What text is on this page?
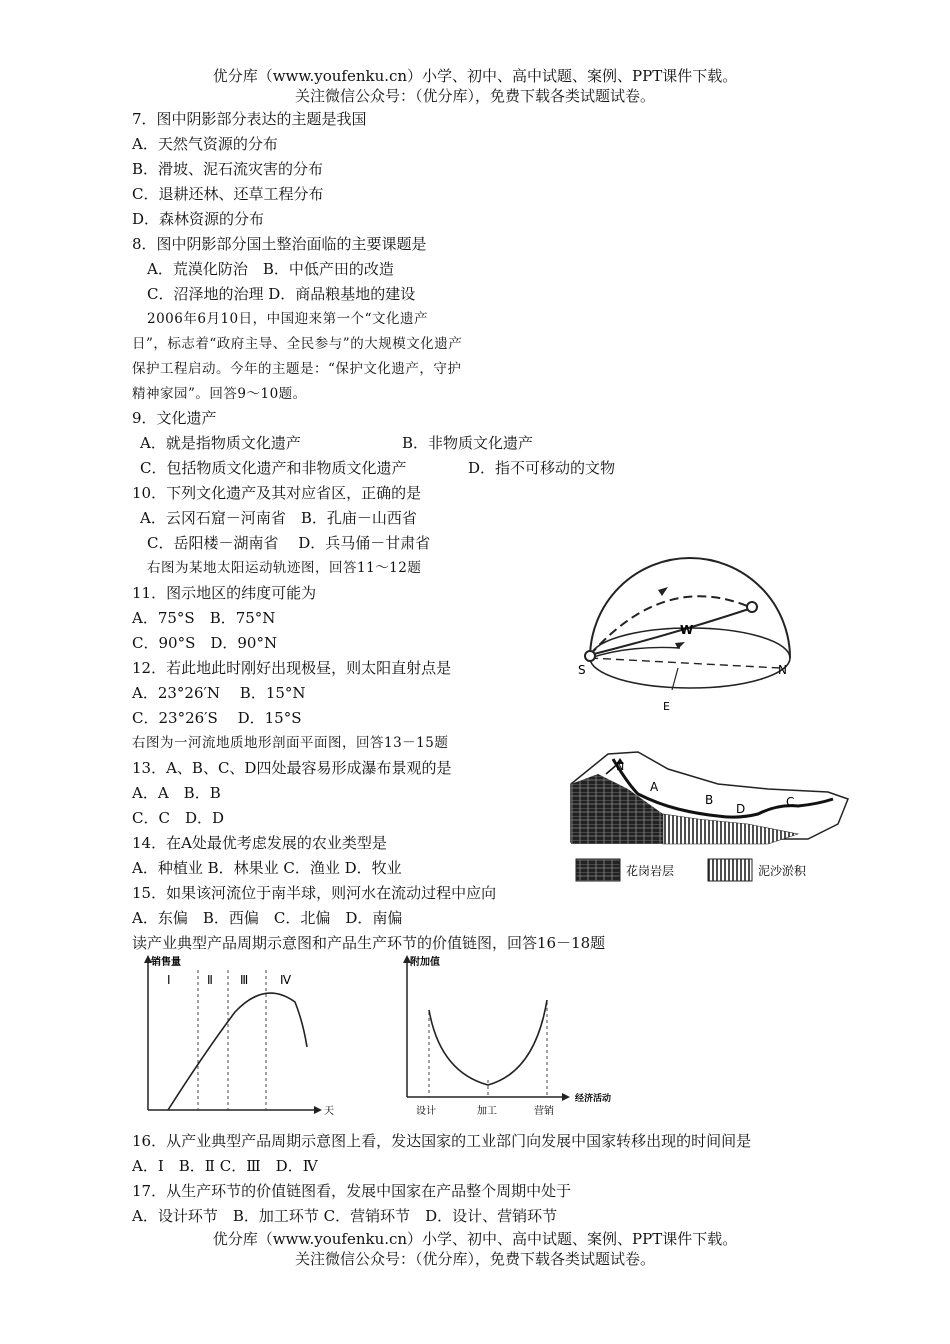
优分库（www.youfenku.cn）小学、初中、高中试题、案例、PPT课件下载。
关注微信公众号：（优分库），免费下载各类试题试卷。
7．图中阴影部分表达的主题是我国
A．天然气资源的分布
B．滑坡、泥石流灾害的分布
C．退耕还林、还草工程分布
D．森林资源的分布
8．图中阴影部分国土整治面临的主要课题是
A．荒漠化防治　B．中低产田的改造
C．沼泽地的治理 D．商品粮基地的建设
2006年6月10日，中国迎来第一个“文化遗产
日”，标志着“政府主导、全民参与”的大规模文化遗产
保护工程启动。今年的主题是：“保护文化遗产，守护
精神家园”。回答9～10题。
9．文化遗产
A．就是指物质文化遗产	B．非物质文化遗产
C．包括物质文化遗产和非物质文化遗产	D．指不可移动的文物
10．下列文化遗产及其对应省区，正确的是
A．云冈石窟－河南省　B．孔庙－山西省
C．岳阳楼－湖南省　 D．兵马俑－甘肃省
右图为某地太阳运动轨迹图，回答11～12题
11．图示地区的纬度可能为
A．75°S　B．75°N
C．90°S　D．90°N
12．若此地此时刚好出现极昼，则太阳直射点是
A．23°26′N　 B．15°N
C．23°26′S　 D．15°S
右图为一河流地质地形剖面平面图，回答13－15题
13．A、B、C、D四处最容易形成瀑布景观的是
A．A　B．B
C．C　D．D
14．在A处最优考虑发展的农业类型是
A．种植业 B．林果业 C．渔业 D．牧业
15．如果该河流位于南半球，则河水在流动过程中应向
A．东偏　B．西偏　C．北偏　D．南偏
读产业典型产品周期示意图和产品生产环节的价值链图，回答16－18题
16．从产业典型产品周期示意图上看，发达国家的工业部门向发展中国家转移出现的时间间是
A．Ⅰ　B．Ⅱ C．Ⅲ　D．Ⅳ
17．从生产环节的价值链图看，发展中国家在产品整个周期中处于
A．设计环节　B．加工环节 C．营销环节　D．设计、营销环节
优分库（www.youfenku.cn）小学、初中、高中试题、案例、PPT课件下载。
关注微信公众号：（优分库），免费下载各类试题试卷。
S	N
E
W
N
A
B
D	C
花岗岩层	泥沙淤积
销售量
天
Ⅰ	Ⅱ Ⅲ	Ⅳ
附加值
经济活动
设计	加工	营销
